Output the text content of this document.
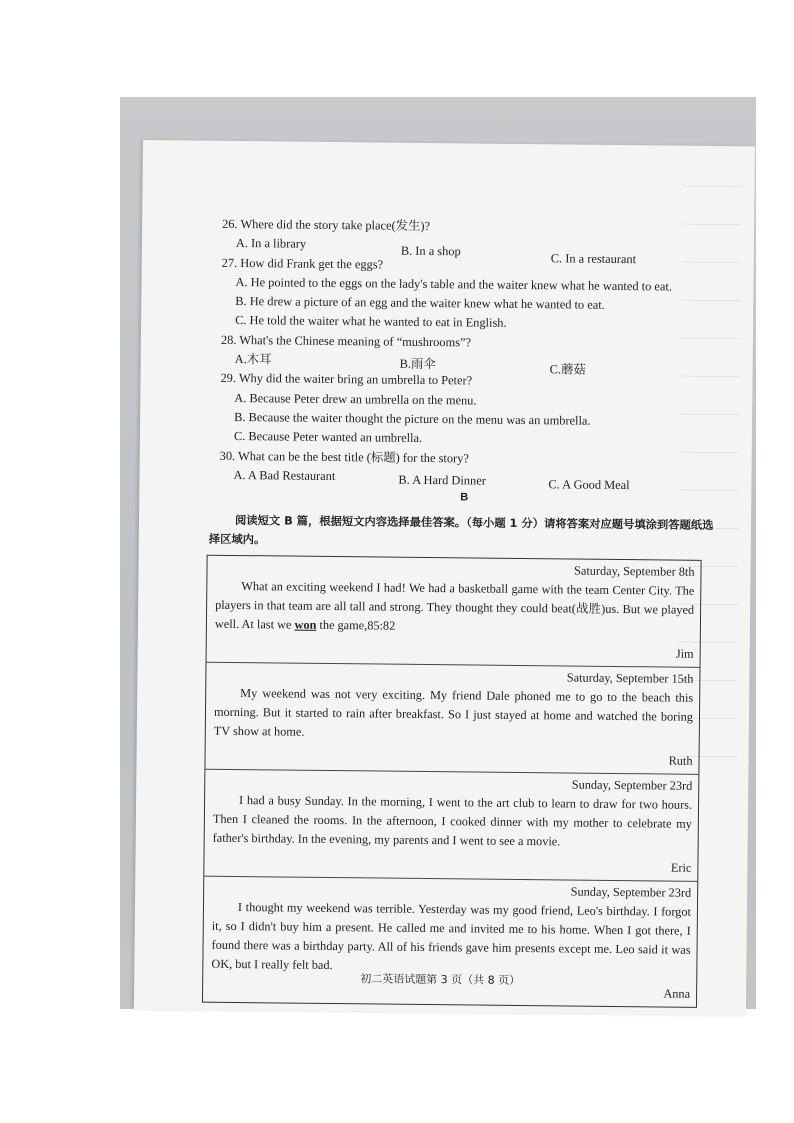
26. Where did the story take place(发生)?

A. In a library
B. In a shop
C. In a restaurant

27. How did Frank get the eggs?

A. He pointed to the eggs on the lady's table and the waiter knew what he wanted to eat.

B. He drew a picture of an egg and the waiter knew what he wanted to eat.

C. He told the waiter what he wanted to eat in English.

28. What's the Chinese meaning of “mushrooms”?

A.木耳	B.雨伞	C.蘑菇

29. Why did the waiter bring an umbrella to Peter?

A. Because Peter drew an umbrella on the menu.

B. Because the waiter thought the picture on the menu was an umbrella.

C. Because Peter wanted an umbrella.

30. What can be the best title (标题) for the story?

A. A Bad Restaurant	B. A Hard Dinner	C. A Good Meal
B

阅读短文 B 篇，根据短文内容选择最佳答案。（每小题 1 分）请将答案对应题号填涂到答题纸选择区域内。

Saturday, September 8th

What an exciting weekend I had! We had a basketball game with the team Center City. The players in that team are all tall and strong. They thought they could beat(战胜)us. But we played well. At last we won the game,85:82

Jim
Saturday, September 15th

My weekend was not very exciting. My friend Dale phoned me to go to the beach this morning. But it started to rain after breakfast. So I just stayed at home and watched the boring TV show at home.

Ruth
Sunday, September 23rd

I had a busy Sunday. In the morning, I went to the art club to learn to draw for two hours. Then I cleaned the rooms. In the afternoon, I cooked dinner with my mother to celebrate my father's birthday. In the evening, my parents and I went to see a movie.

Eric
Sunday, September 23rd

I thought my weekend was terrible. Yesterday was my good friend, Leo's birthday. I forgot it, so I didn't buy him a present. He called me and invited me to his home. When I got there, I found there was a birthday party. All of his friends gave him presents except me. Leo said it was OK, but I really felt bad.

Anna
初二英语试题第 3 页（共 8 页）
